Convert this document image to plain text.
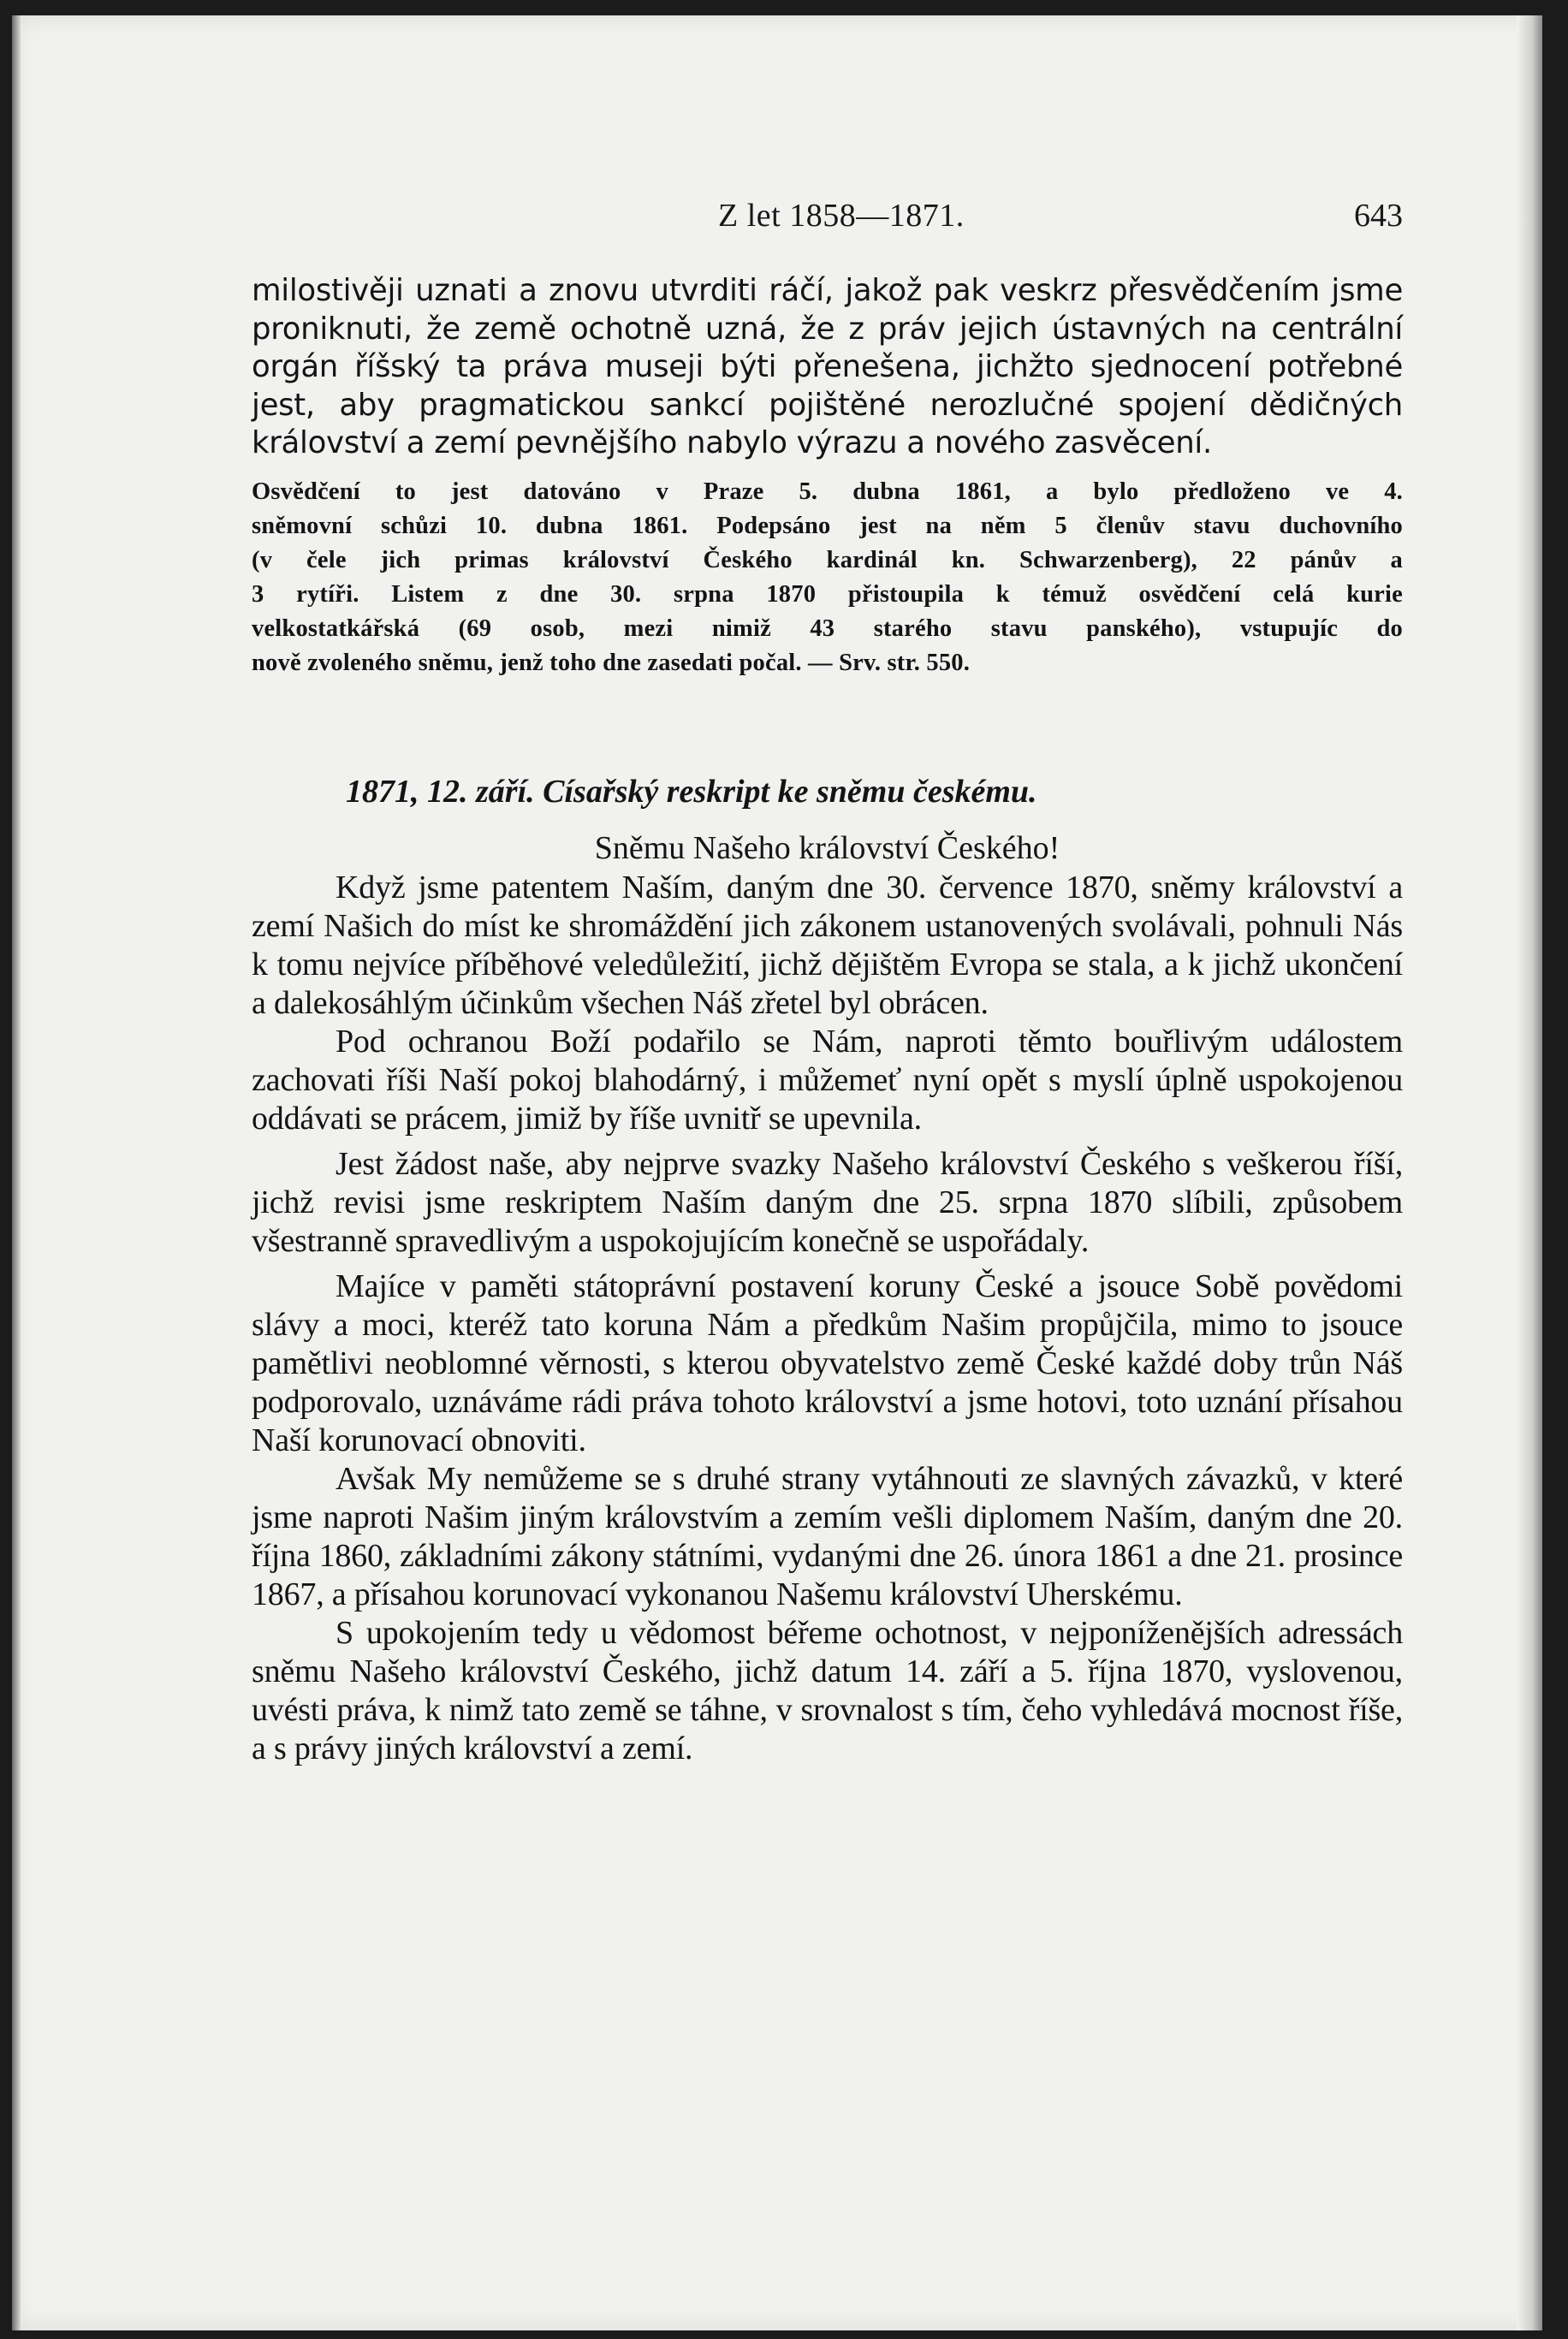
Z let 1858—1871.	643

milostivěji uznati a znovu utvrditi ráčí, jakož pak veskrz přesvědčením jsme proniknuti, že země ochotně uzná, že z práv jejich ústavných na centrální orgán říšský ta práva museji býti přenešena, jichžto sjednocení potřebné jest, aby pragmatickou sankcí pojištěné nerozlučné spojení dědičných království a zemí pevnějšího nabylo výrazu a nového zasvěcení.

Osvědčení to jest datováno v Praze 5. dubna 1861, a bylo předloženo ve 4.
sněmovní schůzi 10. dubna 1861. Podepsáno jest na něm 5 členův stavu duchovního
(v čele jich primas království Českého kardinál kn. Schwarzenberg), 22 pánův a
3 rytíři. Listem z dne 30. srpna 1870 přistoupila k témuž osvědčení celá kurie
velkostatkářská (69 osob, mezi nimiž 43 starého stavu panského), vstupujíc do
nově zvoleného sněmu, jenž toho dne zasedati počal. — Srv. str. 550.
1871, 12. září. Císařský reskript ke sněmu českému.

Sněmu Našeho království Českého!

Když jsme patentem Naším, daným dne 30. července 1870, sněmy království a zemí Našich do míst ke shromáždění jich zákonem ustanovených svolávali, pohnuli Nás k tomu nejvíce příběhové veledůležití, jichž dějištěm Evropa se stala, a k jichž ukončení a dalekosáhlým účinkům všechen Náš zřetel byl obrácen.

Pod ochranou Boží podařilo se Nám, naproti těmto bouřlivým událostem zachovati říši Naší pokoj blahodárný, i můžemeť nyní opět s myslí úplně uspokojenou oddávati se prácem, jimiž by říše uvnitř se upevnila.

Jest žádost naše, aby nejprve svazky Našeho království Českého s veškerou říší, jichž revisi jsme reskriptem Naším daným dne 25. srpna 1870 slíbili, způsobem všestranně spravedlivým a uspokojujícím konečně se uspořádaly.

Majíce v paměti státoprávní postavení koruny České a jsouce Sobě povědomi slávy a moci, kteréž tato koruna Nám a předkům Našim propůjčila, mimo to jsouce pamětlivi neoblomné věrnosti, s kterou obyvatelstvo země České každé doby trůn Náš podporovalo, uznáváme rádi práva tohoto království a jsme hotovi, toto uznání přísahou Naší korunovací obnoviti.

Avšak My nemůžeme se s druhé strany vytáhnouti ze slavných závazků, v které jsme naproti Našim jiným královstvím a zemím vešli diplomem Naším, daným dne 20. října 1860, základními zákony státními, vydanými dne 26. února 1861 a dne 21. prosince 1867, a přísahou korunovací vykonanou Našemu království Uherskému.

S upokojením tedy u vědomost béřeme ochotnost, v nejponíženějších adressách sněmu Našeho království Českého, jichž datum 14. září a 5. října 1870, vyslovenou, uvésti práva, k nimž tato země se táhne, v srovnalost s tím, čeho vyhledává mocnost říše, a s právy jiných království a zemí.
